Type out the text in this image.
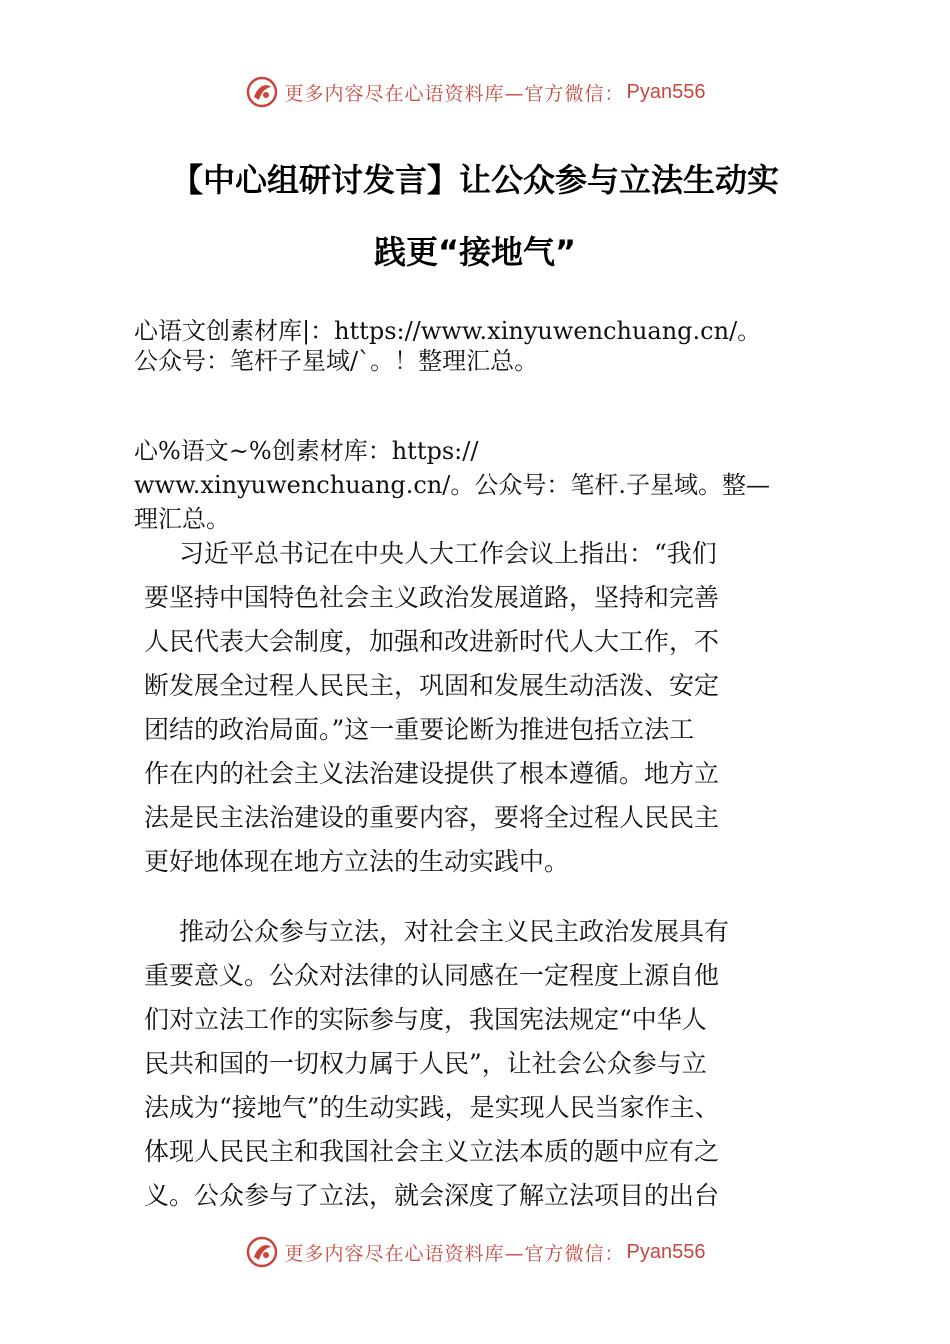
更多内容尽在心语资料库—官方微信： Pyan556
【中心组研讨发言】让公众参与立法生动实
践更“接地气”
心语文创素材库|：https://www.xinyuwenchuang.cn/。
公众号：笔杆子星域/`。！整理汇总。
心%语文~%创素材库：https://
www.xinyuwenchuang.cn/。公众号：笔杆.子星域。整—
理汇总。
习近平总书记在中央人大工作会议上指出：“我们
要坚持中国特色社会主义政治发展道路，坚持和完善
人民代表大会制度，加强和改进新时代人大工作，不
断发展全过程人民民主，巩固和发展生动活泼、安定
团结的政治局面。”这一重要论断为推进包括立法工
作在内的社会主义法治建设提供了根本遵循。地方立
法是民主法治建设的重要内容，要将全过程人民民主
更好地体现在地方立法的生动实践中。
推动公众参与立法，对社会主义民主政治发展具有
重要意义。公众对法律的认同感在一定程度上源自他
们对立法工作的实际参与度，我国宪法规定“中华人
民共和国的一切权力属于人民”，让社会公众参与立
法成为“接地气”的生动实践，是实现人民当家作主、
体现人民民主和我国社会主义立法本质的题中应有之
义。公众参与了立法，就会深度了解立法项目的出台
更多内容尽在心语资料库—官方微信： Pyan556
